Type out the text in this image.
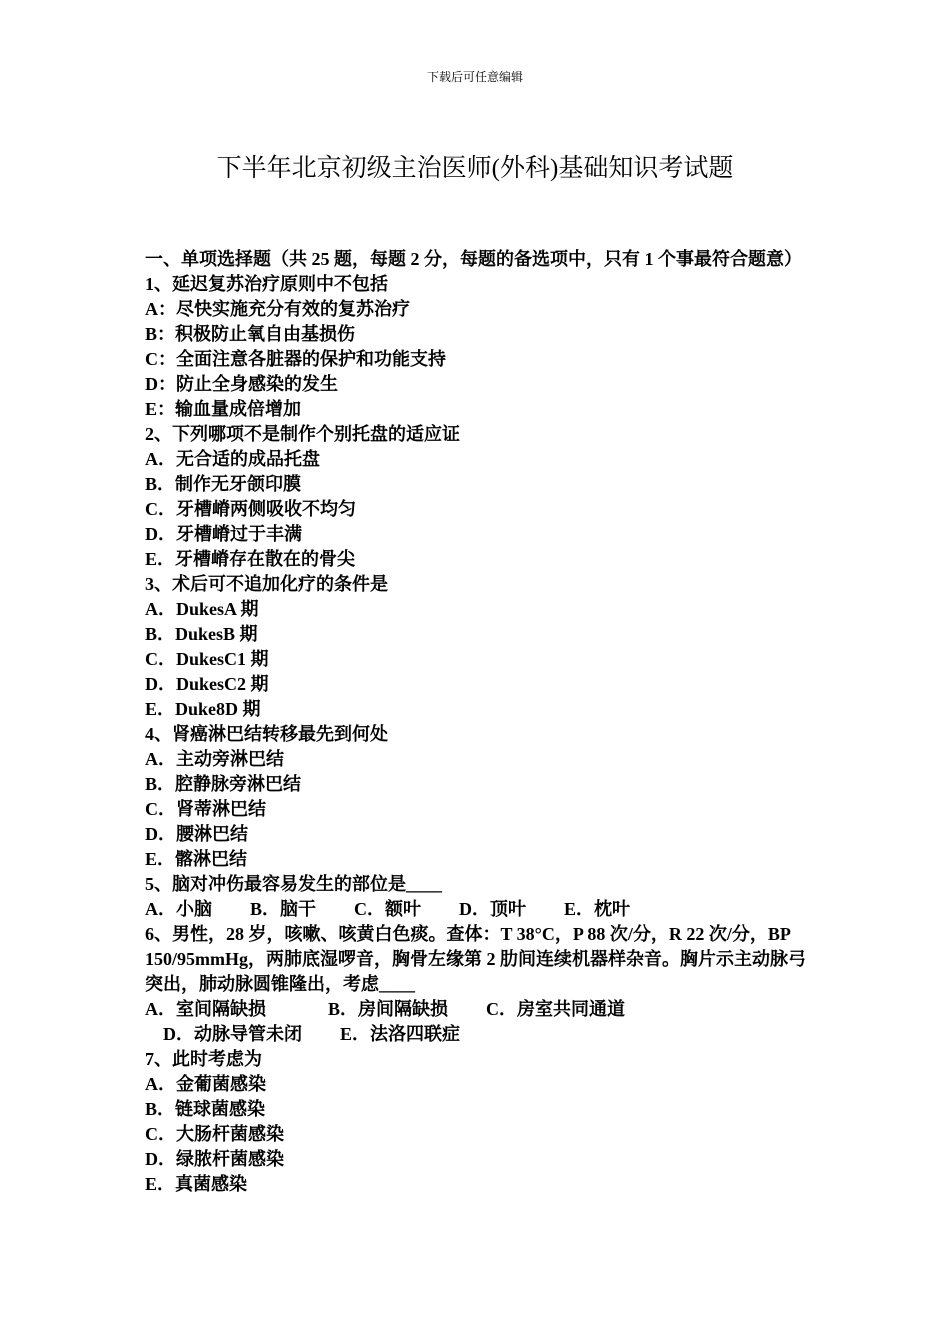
下载后可任意编辑
下半年北京初级主治医师(外科)基础知识考试题
一、单项选择题（共 25 题，每题 2 分，每题的备选项中，只有 1 个事最符合题意）
1、延迟复苏治疗原则中不包括
A：尽快实施充分有效的复苏治疗
B：积极防止氧自由基损伤
C：全面注意各脏器的保护和功能支持
D：防止全身感染的发生
E：输血量成倍增加
2、下列哪项不是制作个别托盘的适应证
A．无合适的成品托盘
B．制作无牙颌印膜
C．牙槽嵴两侧吸收不均匀
D．牙槽嵴过于丰满
E．牙槽嵴存在散在的骨尖
3、术后可不追加化疗的条件是
A．DukesA 期
B．DukesB 期
C．DukesC1 期
D．DukesC2 期
E．Duke8D 期
4、肾癌淋巴结转移最先到何处
A．主动旁淋巴结
B．腔静脉旁淋巴结
C．肾蒂淋巴结
D．腰淋巴结
E．髂淋巴结
5、脑对冲伤最容易发生的部位是____
A．小脑 B．脑干 C．额叶 D．顶叶 E．枕叶
6、男性，28 岁，咳嗽、咳黄白色痰。查体：T 38°C，P 88 次/分，R 22 次/分，BP 150/95mmHg，两肺底湿啰音，胸骨左缘第 2 肋间连续机器样杂音。胸片示主动脉弓突出，肺动脉圆锥隆出，考虑____
A．室间隔缺损	B．房间隔缺损 C．房室共同通道
D．动脉导管未闭 E．法洛四联症
7、此时考虑为
A．金葡菌感染
B．链球菌感染
C．大肠杆菌感染
D．绿脓杆菌感染
E．真菌感染
